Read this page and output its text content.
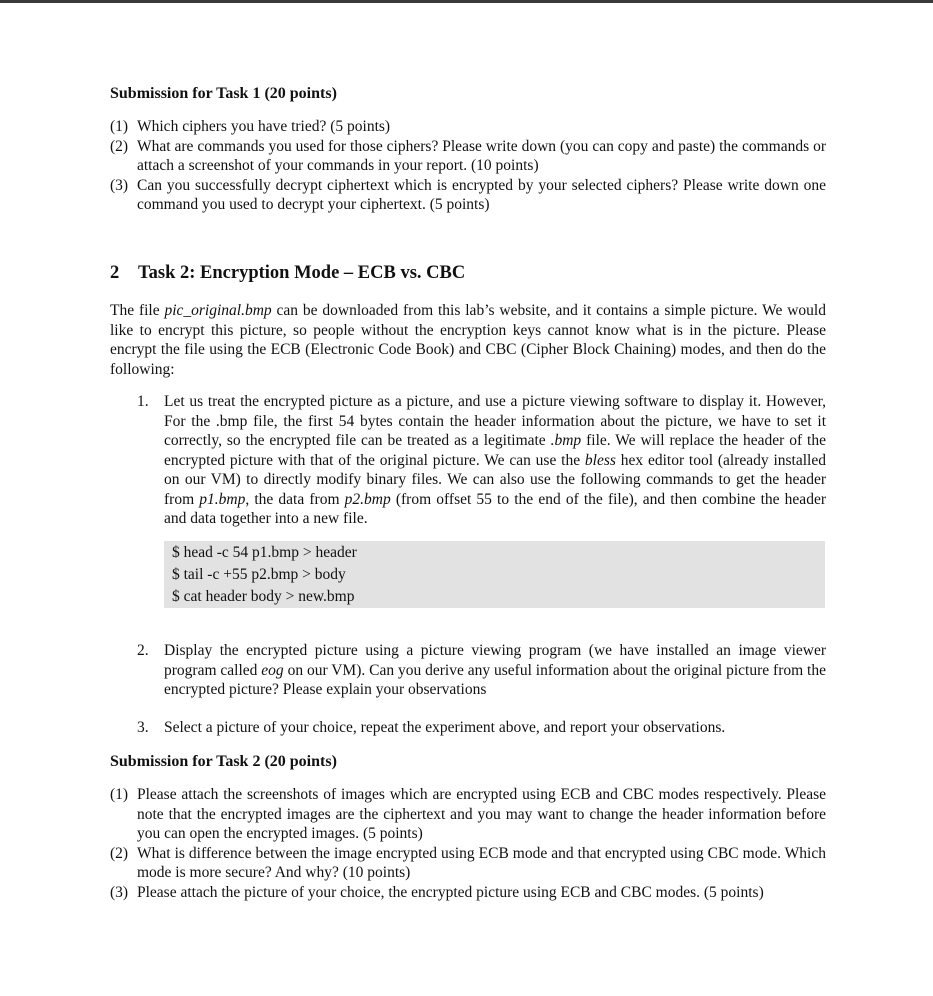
Submission for Task 1 (20 points)
(1) Which ciphers you have tried? (5 points)
(2) What are commands you used for those ciphers? Please write down (you can copy and paste) the commands or attach a screenshot of your commands in your report. (10 points)
(3) Can you successfully decrypt ciphertext which is encrypted by your selected ciphers? Please write down one command you used to decrypt your ciphertext. (5 points)
2 Task 2: Encryption Mode – ECB vs. CBC
The file pic_original.bmp can be downloaded from this lab’s website, and it contains a simple picture. We would like to encrypt this picture, so people without the encryption keys cannot know what is in the picture. Please encrypt the file using the ECB (Electronic Code Book) and CBC (Cipher Block Chaining) modes, and then do the following:
1. Let us treat the encrypted picture as a picture, and use a picture viewing software to display it. However, For the .bmp file, the first 54 bytes contain the header information about the picture, we have to set it correctly, so the encrypted file can be treated as a legitimate .bmp file. We will replace the header of the encrypted picture with that of the original picture. We can use the bless hex editor tool (already installed on our VM) to directly modify binary files. We can also use the following commands to get the header from p1.bmp, the data from p2.bmp (from offset 55 to the end of the file), and then combine the header and data together into a new file.
$ head -c 54 p1.bmp > header
$ tail -c +55 p2.bmp > body
$ cat header body > new.bmp
2. Display the encrypted picture using a picture viewing program (we have installed an image viewer program called eog on our VM). Can you derive any useful information about the original picture from the encrypted picture? Please explain your observations
3. Select a picture of your choice, repeat the experiment above, and report your observations.
Submission for Task 2 (20 points)
(1) Please attach the screenshots of images which are encrypted using ECB and CBC modes respectively. Please note that the encrypted images are the ciphertext and you may want to change the header information before you can open the encrypted images. (5 points)
(2) What is difference between the image encrypted using ECB mode and that encrypted using CBC mode. Which mode is more secure? And why? (10 points)
(3) Please attach the picture of your choice, the encrypted picture using ECB and CBC modes. (5 points)
